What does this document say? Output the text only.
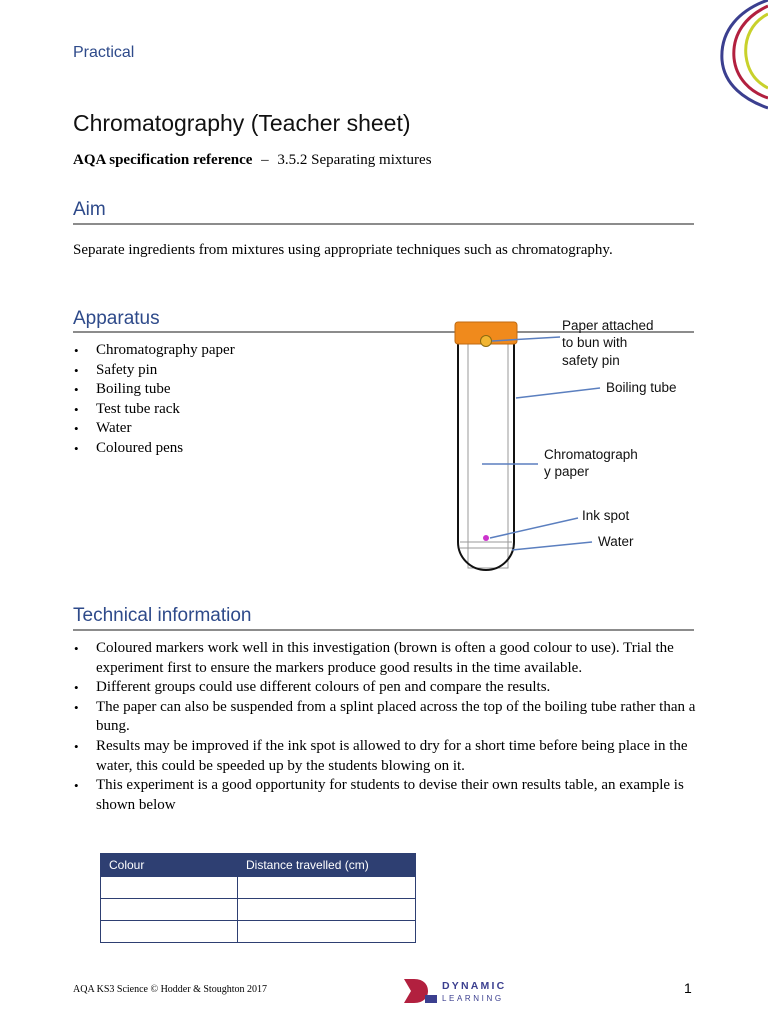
Practical
Chromatography (Teacher sheet)
AQA specification reference – 3.5.2 Separating mixtures
Aim

Separate ingredients from mixtures using appropriate techniques such as chromatography.

Apparatus
• Chromatography paper
• Safety pin
• Boiling tube
• Test tube rack
• Water
• Coloured pens
Paper attached
to bun with
safety pin
Boiling tube
Chromatograph
y paper
Ink spot
Water
Technical information
• Coloured markers work well in this investigation (brown is often a good colour to use). Trial the experiment first to ensure the markers produce good results in the time available.
• Different groups could use different colours of pen and compare the results.
• The paper can also be suspended from a splint placed across the top of the boiling tube rather than a bung.
• Results may be improved if the ink spot is allowed to dry for a short time before being place in the water, this could be speeded up by the students blowing on it.
• This experiment is a good opportunity for students to devise their own results table, an example is shown below
Colour	Distance travelled (cm)

AQA KS3 Science © Hodder & Stoughton 2017	DYNAMIC
LEARNING
1
